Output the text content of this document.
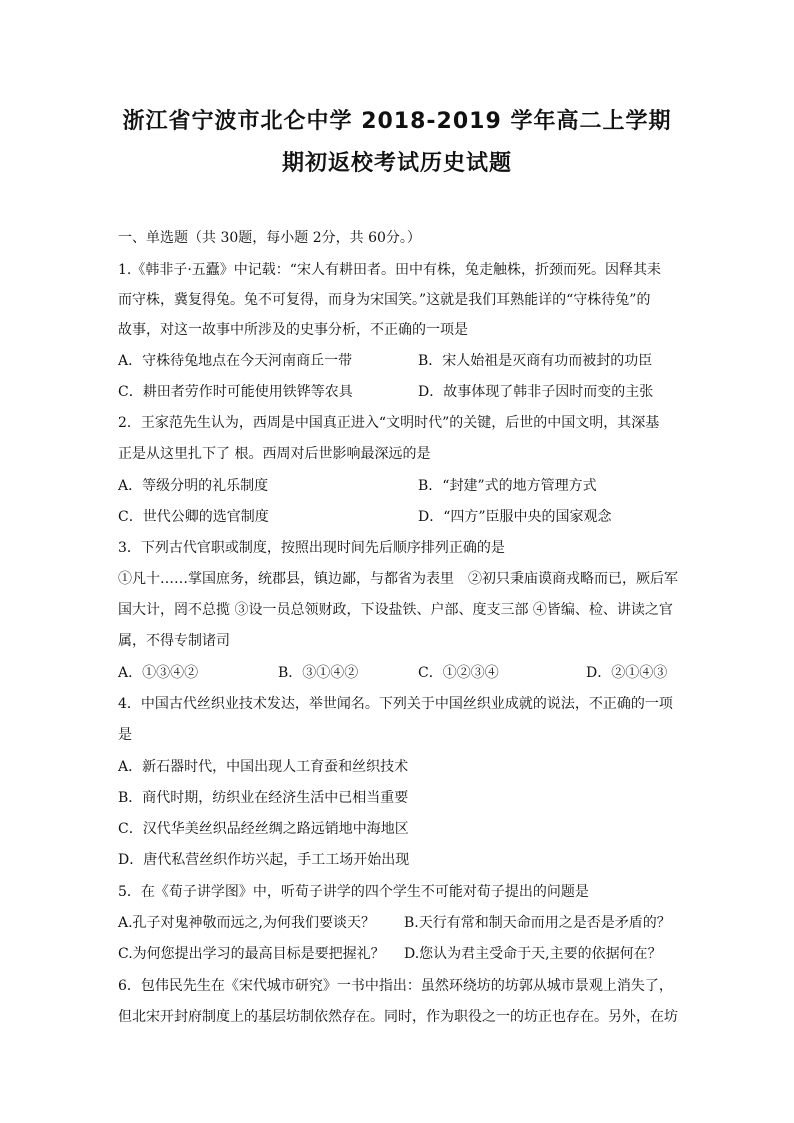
浙江省宁波市北仑中学 2018-2019 学年高二上学期
期初返校考试历史试题
一、单选题（共 30题，每小题 2分，共 60分。）
1.《韩非子·五蠹》中记载：“宋人有耕田者。田中有株，兔走触株，折颈而死。因释其耒
而守株，冀复得兔。兔不可复得，而身为宋国笑。”这就是我们耳熟能详的“守株待兔”的
故事，对这一故事中所涉及的史事分析，不正确的一项是
A．守株待兔地点在今天河南商丘一带	B．宋人始祖是灭商有功而被封的功臣
C．耕田者劳作时可能使用铁铧等农具	D．故事体现了韩非子因时而变的主张
2．王家范先生认为，西周是中国真正进入“文明时代”的关键，后世的中国文明，其深基
正是从这里扎下了 根。西周对后世影响最深远的是
A．等级分明的礼乐制度	B．“封建”式的地方管理方式
C．世代公卿的选官制度	D．“四方”臣服中央的国家观念
3．下列古代官职或制度，按照出现时间先后顺序排列正确的是
①凡十……掌国庶务，统郡县，镇边鄙，与都省为表里　②初只秉庙谟商戎略而已，厥后军
国大计，罔不总揽 ③设一员总领财政，下设盐铁、户部、度支三部 ④皆编、检、讲读之官
属，不得专制诸司
A．①③④②	B．③①④②	C．①②③④	D．②①④③
4．中国古代丝织业技术发达，举世闻名。下列关于中国丝织业成就的说法，不正确的一项
是
A．新石器时代，中国出现人工育蚕和丝织技术
B．商代时期，纺织业在经济生活中已相当重要
C．汉代华美丝织品经丝绸之路远销地中海地区
D．唐代私营丝织作坊兴起，手工工场开始出现
5．在《荀子讲学图》中，听荀子讲学的四个学生不可能对荀子提出的问题是
A.孔子对鬼神敬而远之,为何我们要谈天？ B.天行有常和制天命而用之是否是矛盾的？
C.为何您提出学习的最高目标是要把握礼？ D.您认为君主受命于天,主要的依据何在？
6．包伟民先生在《宋代城市研究》一书中指出：虽然环绕坊的坊郭从城市景观上消失了，
但北宋开封府制度上的基层坊制依然存在。同时，作为职役之一的坊正也存在。另外，在坊
